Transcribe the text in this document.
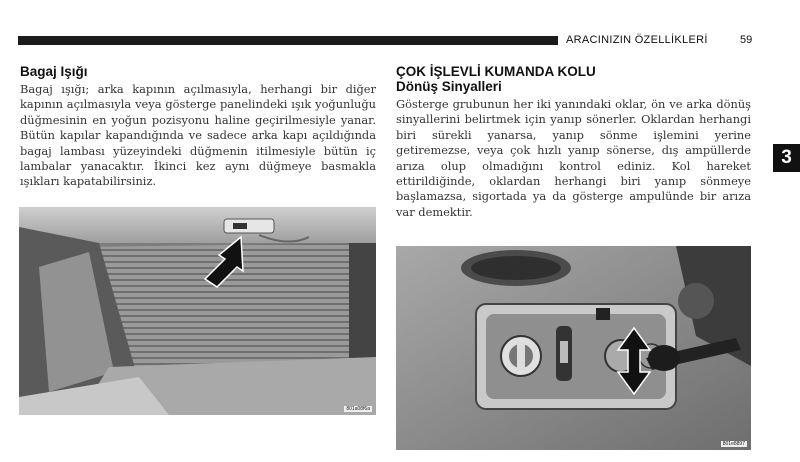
ARACINIZIN ÖZELLİKLERİ	59
3
Bagaj Işığı

Bagaj ışığı; arka kapının açılmasıyla, herhangi bir diğer kapının açılmasıyla veya gösterge panelindeki ışık yoğunluğu düğmesinin en yoğun pozisyonu haline geçirilmesiyle yanar. Bütün kapılar kapandığında ve sadece arka kapı açıldığında bagaj lambası yüzeyindeki düğmenin itilmesiyle bütün iç lambalar yanacaktır. İkinci kez aynı düğmeye basmakla ışıkları kapatabilirsiniz.

801a08f6a
ÇOK İŞLEVLİ KUMANDA KOLU
Dönüş Sinyalleri

Gösterge grubunun her iki yanındaki oklar, ön ve arka dönüş sinyallerini belirtmek için yanıp sönerler. Oklardan herhangi biri sürekli yanarsa, yanıp sönme işlemini yerine getiremezse, veya çok hızlı yanıp sönerse, dış ampüllerde arıza olup olmadığını kontrol ediniz. Kol hareket ettirildiğinde, oklardan herhangi biri yanıp sönmeye başlamazsa, sigortada ya da gösterge ampulünde bir arıza var demektir.

801e8897
